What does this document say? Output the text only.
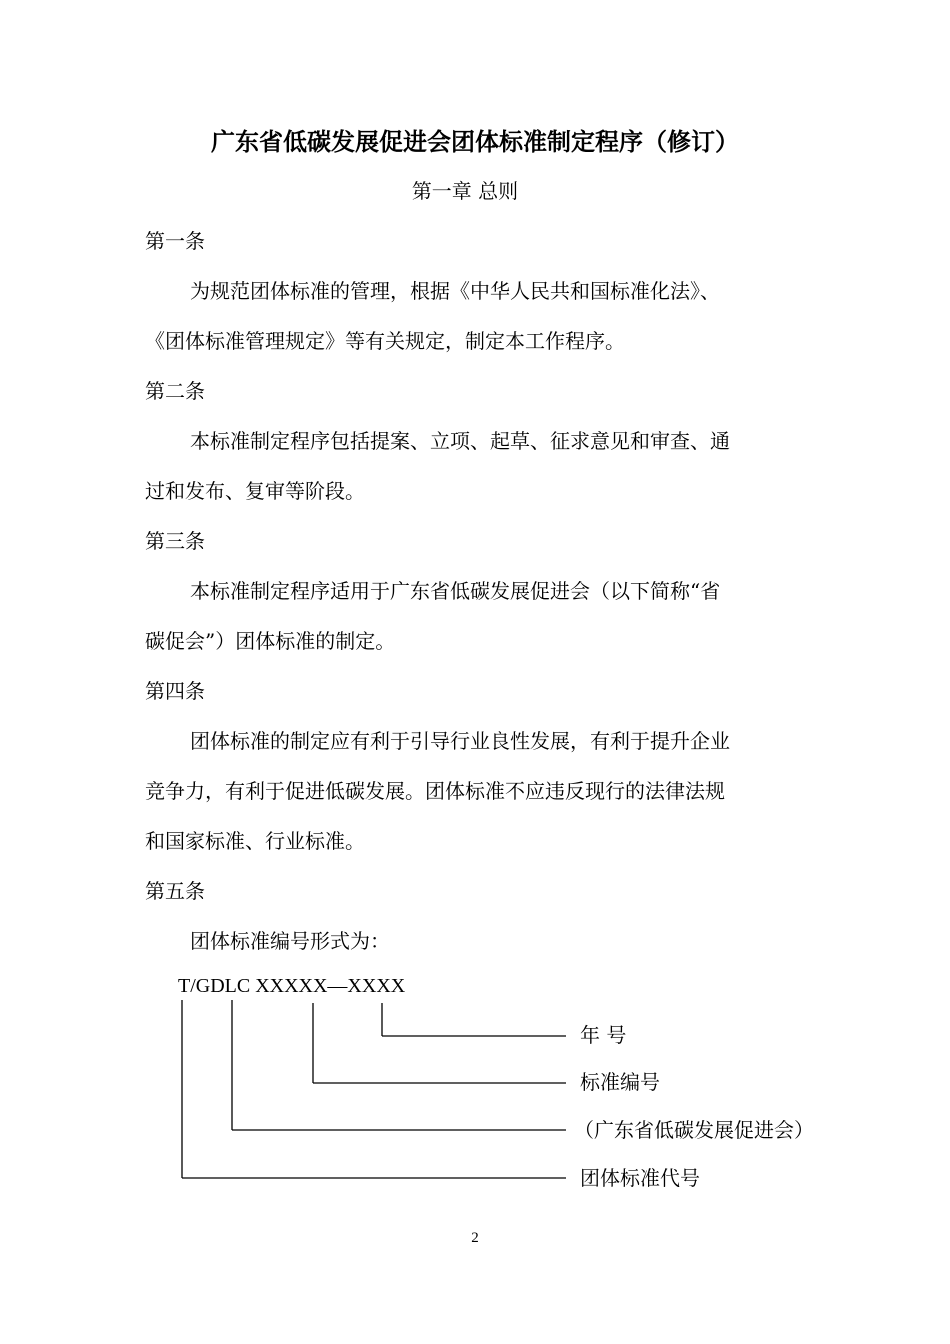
广东省低碳发展促进会团体标准制定程序（修订）
第一章 总则
第一条
为规范团体标准的管理，根据《中华人民共和国标准化法》、
《团体标准管理规定》等有关规定，制定本工作程序。
第二条
本标准制定程序包括提案、立项、起草、征求意见和审查、通
过和发布、复审等阶段。
第三条
本标准制定程序适用于广东省低碳发展促进会（以下简称“省
碳促会”）团体标准的制定。
第四条
团体标准的制定应有利于引导行业良性发展，有利于提升企业
竞争力，有利于促进低碳发展。团体标准不应违反现行的法律法规
和国家标准、行业标准。
第五条
团体标准编号形式为：
T/GDLC XXXXX—XXXX
年 号
标准编号
（广东省低碳发展促进会）
团体标准代号
2
